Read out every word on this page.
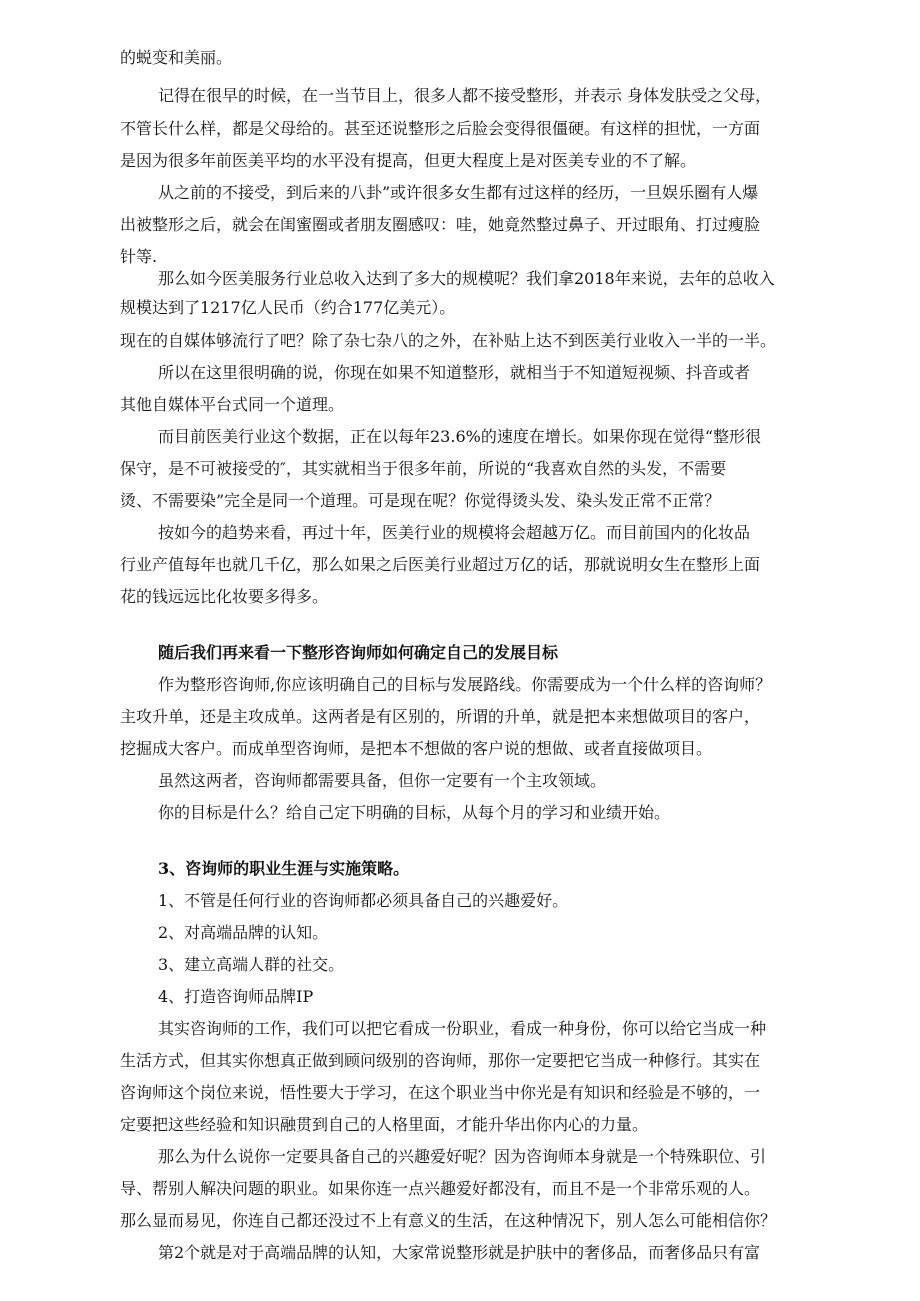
的蜕变和美丽。
记得在很早的时候，在一当节目上，很多人都不接受整形，并表示 身体发肤受之父母，
不管长什么样，都是父母给的。甚至还说整形之后脸会变得很僵硬。有这样的担忧，一方面
是因为很多年前医美平均的水平没有提高，但更大程度上是对医美专业的不了解。
从之前的不接受，到后来的八卦”或许很多女生都有过这样的经历，一旦娱乐圈有人爆
出被整形之后，就会在闺蜜圈或者朋友圈感叹：哇，她竟然整过鼻子、开过眼角、打过瘦脸
针等.
那么如今医美服务行业总收入达到了多大的规模呢？我们拿2018年来说，去年的总收入
规模达到了1217亿人民币（约合177亿美元）。
现在的自媒体够流行了吧？除了杂七杂八的之外，在补贴上达不到医美行业收入一半的一半。
所以在这里很明确的说，你现在如果不知道整形，就相当于不知道短视频、抖音或者
其他自媒体平台式同一个道理。
而目前医美行业这个数据，正在以每年23.6%的速度在增长。如果你现在觉得“整形很
保守，是不可被接受的″，其实就相当于很多年前，所说的“我喜欢自然的头发，不需要
烫、不需要染”完全是同一个道理。可是现在呢？你觉得烫头发、染头发正常不正常？
按如今的趋势来看，再过十年，医美行业的规模将会超越万亿。而目前国内的化妆品
行业产值每年也就几千亿，那么如果之后医美行业超过万亿的话，那就说明女生在整形上面
花的钱远远比化妆要多得多。
随后我们再来看一下整形咨询师如何确定自己的发展目标
作为整形咨询师,你应该明确自己的目标与发展路线。你需要成为一个什么样的咨询师？
主攻升单，还是主攻成单。这两者是有区别的，所谓的升单，就是把本来想做项目的客户，
挖掘成大客户。而成单型咨询师，是把本不想做的客户说的想做、或者直接做项目。
虽然这两者，咨询师都需要具备，但你一定要有一个主攻领域。
你的目标是什么？给自己定下明确的目标，从每个月的学习和业绩开始。
3、咨询师的职业生涯与实施策略。
1、不管是任何行业的咨询师都必须具备自己的兴趣爱好。
2、对高端品牌的认知。
3、建立高端人群的社交。
4、打造咨询师品牌IP
其实咨询师的工作，我们可以把它看成一份职业，看成一种身份，你可以给它当成一种
生活方式，但其实你想真正做到顾问级别的咨询师，那你一定要把它当成一种修行。其实在
咨询师这个岗位来说，悟性要大于学习，在这个职业当中你光是有知识和经验是不够的，一
定要把这些经验和知识融贯到自己的人格里面，才能升华出你内心的力量。
那么为什么说你一定要具备自己的兴趣爱好呢？因为咨询师本身就是一个特殊职位、引
导、帮别人解决问题的职业。如果你连一点兴趣爱好都没有，而且不是一个非常乐观的人。
那么显而易见，你连自己都还没过不上有意义的生活，在这种情况下，别人怎么可能相信你？
第2个就是对于高端品牌的认知，大家常说整形就是护肤中的奢侈品，而奢侈品只有富
